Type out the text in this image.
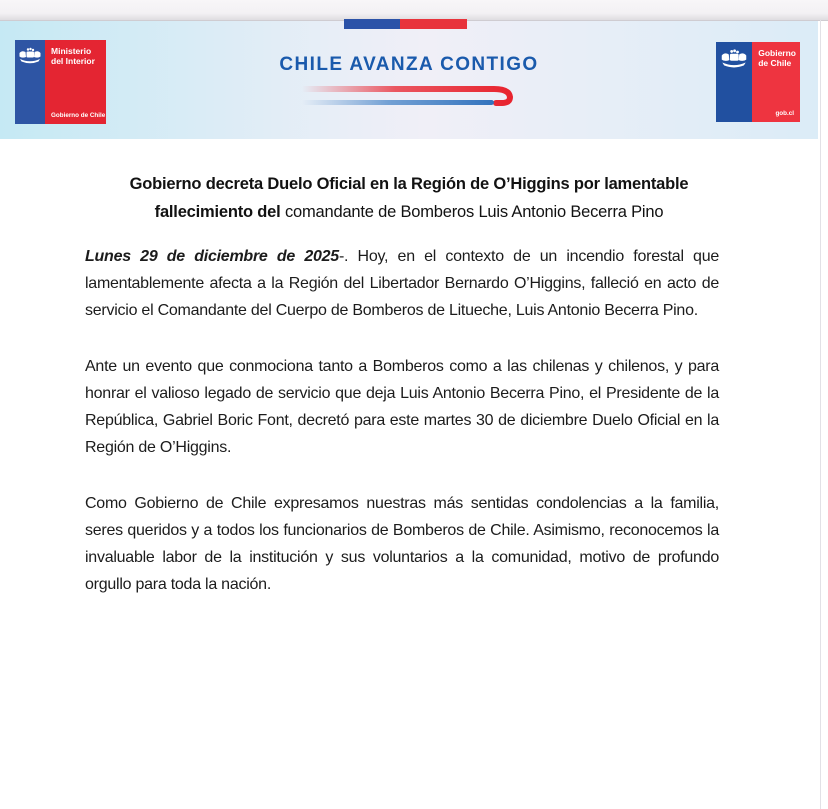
Ministerio del Interior
Gobierno de Chile
CHILE AVANZA CONTIGO
Gobierno de Chile
gob.cl
Gobierno decreta Duelo Oficial en la Región de O’Higgins por lamentable fallecimiento del comandante de Bomberos Luis Antonio Becerra Pino

Lunes 29 de diciembre de 2025-. Hoy, en el contexto de un incendio forestal que lamentablemente afecta a la Región del Libertador Bernardo O’Higgins, falleció en acto de servicio el Comandante del Cuerpo de Bomberos de Litueche, Luis Antonio Becerra Pino.

Ante un evento que conmociona tanto a Bomberos como a las chilenas y chilenos, y para honrar el valioso legado de servicio que deja Luis Antonio Becerra Pino, el Presidente de la República, Gabriel Boric Font, decretó para este martes 30 de diciembre Duelo Oficial en la Región de O’Higgins.

Como Gobierno de Chile expresamos nuestras más sentidas condolencias a la familia, seres queridos y a todos los funcionarios de Bomberos de Chile. Asimismo, reconocemos la invaluable labor de la institución y sus voluntarios a la comunidad, motivo de profundo orgullo para toda la nación.
